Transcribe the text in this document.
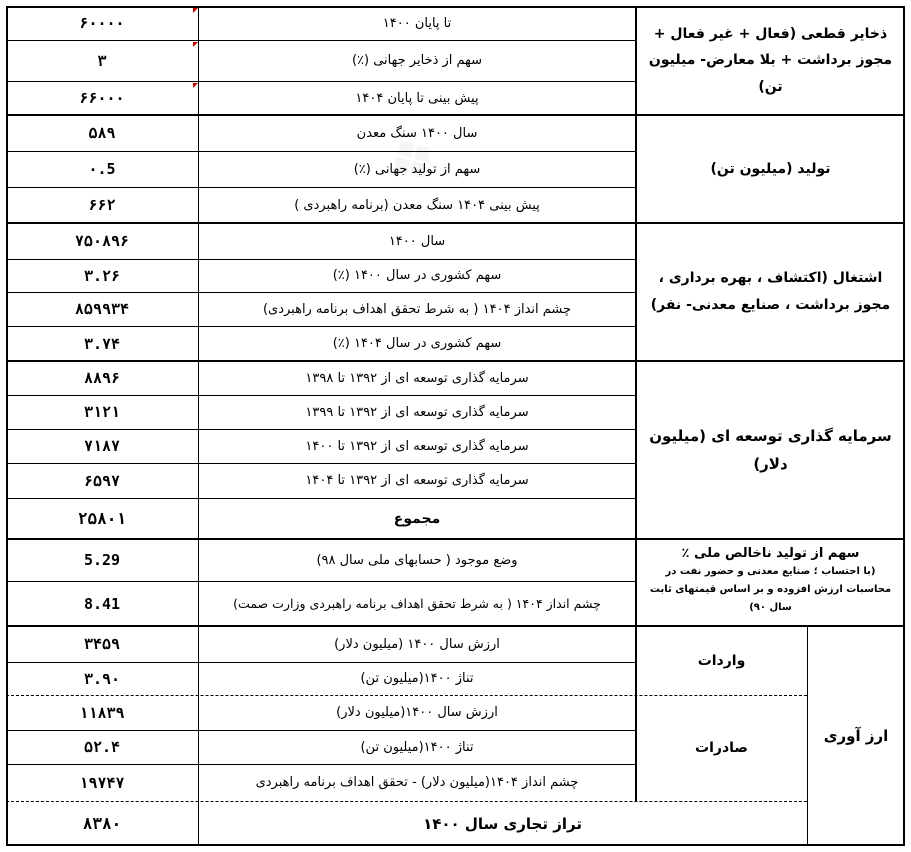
۶۰۰۰۰	تا پایان ۱۴۰۰
۳	سهم از ذخایر جهانی (٪)
۶۶۰۰۰	پیش بینی تا پایان ۱۴۰۴
ذخایر قطعی (فعال + غیر فعال + مجوز برداشت + بلا معارض- میلیون تن)
۵۸۹	سال ۱۴۰۰ سنگ معدن
۰.5	سهم از تولید جهانی (٪)
۶۶۲	پیش بینی ۱۴۰۴ سنگ معدن (برنامه راهبردی )
تولید (میلیون تن)
۷۵۰۸۹۶	سال ۱۴۰۰
۳.۲۶	سهم کشوری در سال ۱۴۰۰ (٪)
۸۵۹۹۳۴	چشم انداز ۱۴۰۴ ( به شرط تحقق اهداف برنامه راهبردی)
۳.۷۴	سهم کشوری در سال ۱۴۰۴ (٪)
اشتغال (اکتشاف ، بهره برداری ، مجوز برداشت ، صنایع معدنی- نفر)
۸۸۹۶	سرمایه گذاری توسعه ای از ۱۳۹۲ تا ۱۳۹۸
۳۱۲۱	سرمایه گذاری توسعه ای از ۱۳۹۲ تا ۱۳۹۹
۷۱۸۷	سرمایه گذاری توسعه ای از ۱۳۹۲ تا ۱۴۰۰
۶۵۹۷	سرمایه گذاری توسعه ای از ۱۳۹۲ تا ۱۴۰۴
۲۵۸۰۱	مجموع
سرمایه گذاری توسعه ای (میلیون دلار)
5.29	وضع موجود ( حسابهای ملی سال ۹۸)
8.41	چشم انداز ۱۴۰۴ ( به شرط تحقق اهداف برنامه راهبردی وزارت صمت)
سهم از تولید ناخالص ملی ٪
(با احتساب ؛ صنایع معدنی و حضور نفت در محاسبات ارزش افزوده و بر اساس قیمتهای ثابت سال ۹۰)
۳۴۵۹	ارزش سال ۱۴۰۰ (میلیون دلار)
۳.۹۰	تناژ ۱۴۰۰(میلیون تن)
واردات
۱۱۸۳۹	ارزش سال ۱۴۰۰(میلیون دلار)
۵۲.۴	تناژ ۱۴۰۰(میلیون تن)
۱۹۷۴۷	چشم انداز ۱۴۰۴(میلیون دلار) - تحقق اهداف برنامه راهبردی
صادرات
۸۳۸۰	تراز تجاری سال ۱۴۰۰
ارز آوری
